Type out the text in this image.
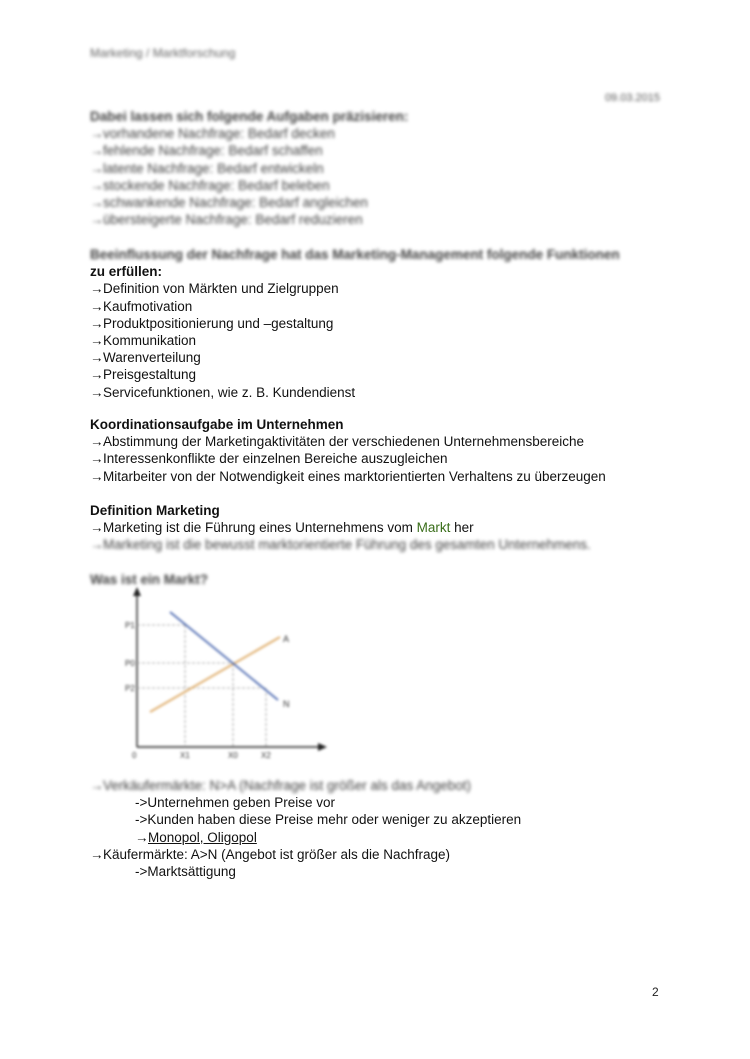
Marketing / Marktforschung
09.03.2015
Dabei lassen sich folgende Aufgaben präzisieren:
→vorhandene Nachfrage: Bedarf decken
→fehlende Nachfrage: Bedarf schaffen
→latente Nachfrage: Bedarf entwickeln
→stockende Nachfrage: Bedarf beleben
→schwankende Nachfrage: Bedarf angleichen
→übersteigerte Nachfrage: Bedarf reduzieren
Beeinflussung der Nachfrage hat das Marketing-Management folgende Funktionen
zu erfüllen:
→Definition von Märkten und Zielgruppen
→Kaufmotivation
→Produktpositionierung und –gestaltung
→Kommunikation
→Warenverteilung
→Preisgestaltung
→Servicefunktionen, wie z. B. Kundendienst
Koordinationsaufgabe im Unternehmen
→Abstimmung der Marketingaktivitäten der verschiedenen Unternehmensbereiche
→Interessenkonflikte der einzelnen Bereiche auszugleichen
→Mitarbeiter von der Notwendigkeit eines marktorientierten Verhaltens zu überzeugen
Definition Marketing
→Marketing ist die Führung eines Unternehmens vom Markt her
→Marketing ist die bewusst marktorientierte Führung des gesamten Unternehmens.
Was ist ein Markt?
P1
P0
P2
X1	X0	X2
0
A
N
→Verkäufermärkte: N>A (Nachfrage ist größer als das Angebot)
->Unternehmen geben Preise vor
->Kunden haben diese Preise mehr oder weniger zu akzeptieren
→Monopol, Oligopol
→Käufermärkte: A>N (Angebot ist größer als die Nachfrage)
->Marktsättigung
2
